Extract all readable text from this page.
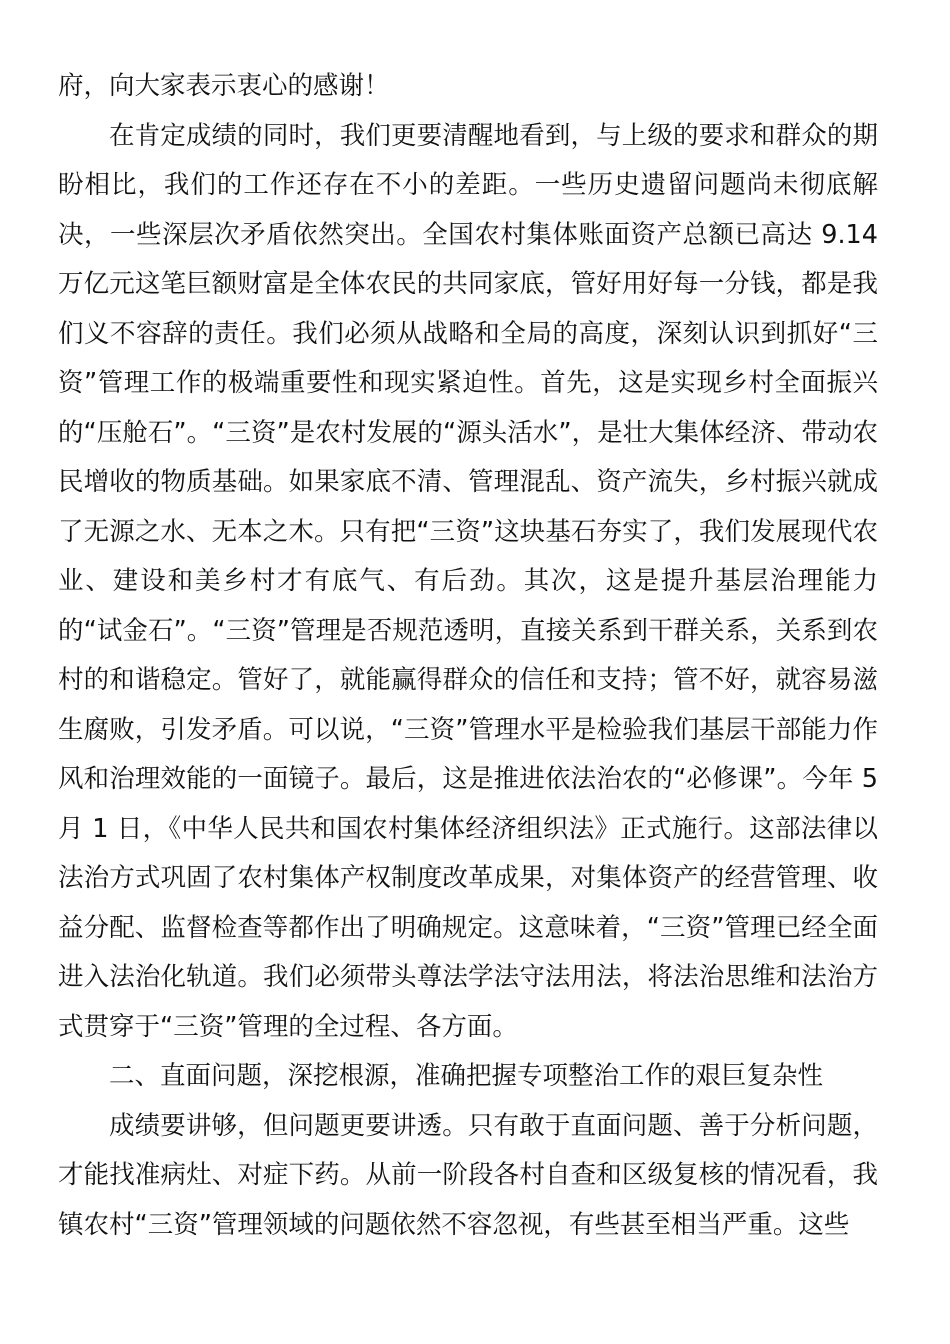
府，向大家表示衷心的感谢！

在肯定成绩的同时，我们更要清醒地看到，与上级的要求和群众的期盼相比，我们的工作还存在不小的差距。一些历史遗留问题尚未彻底解决，一些深层次矛盾依然突出。全国农村集体账面资产总额已高达 9.14 万亿元这笔巨额财富是全体农民的共同家底，管好用好每一分钱，都是我们义不容辞的责任。我们必须从战略和全局的高度，深刻认识到抓好“三资”管理工作的极端重要性和现实紧迫性。首先，这是实现乡村全面振兴的“压舱石”。“三资”是农村发展的“源头活水”，是壮大集体经济、带动农民增收的物质基础。如果家底不清、管理混乱、资产流失，乡村振兴就成了无源之水、无本之木。只有把“三资”这块基石夯实了，我们发展现代农业、建设和美乡村才有底气、有后劲。其次，这是提升基层治理能力的“试金石”。“三资”管理是否规范透明，直接关系到干群关系，关系到农村的和谐稳定。管好了，就能赢得群众的信任和支持；管不好，就容易滋生腐败，引发矛盾。可以说，“三资”管理水平是检验我们基层干部能力作风和治理效能的一面镜子。最后，这是推进依法治农的“必修课”。今年 5 月 1 日，《中华人民共和国农村集体经济组织法》正式施行。这部法律以法治方式巩固了农村集体产权制度改革成果，对集体资产的经营管理、收益分配、监督检查等都作出了明确规定。这意味着，“三资”管理已经全面进入法治化轨道。我们必须带头尊法学法守法用法，将法治思维和法治方式贯穿于“三资”管理的全过程、各方面。

二、直面问题，深挖根源，准确把握专项整治工作的艰巨复杂性

成绩要讲够，但问题更要讲透。只有敢于直面问题、善于分析问题，才能找准病灶、对症下药。从前一阶段各村自查和区级复核的情况看，我镇农村“三资”管理领域的问题依然不容忽视，有些甚至相当严重。这些
